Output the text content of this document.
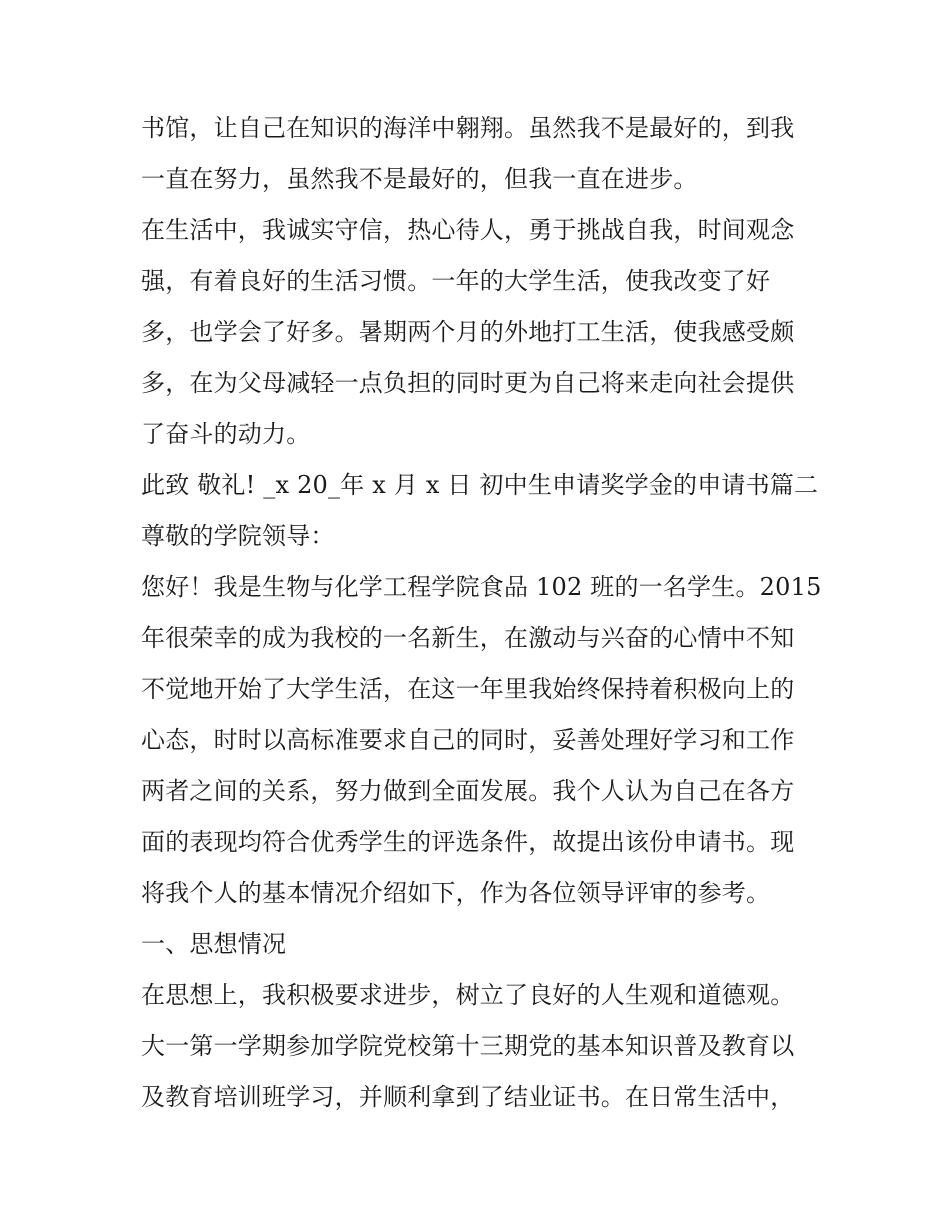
书馆，让自己在知识的海洋中翱翔。虽然我不是最好的，到我
一直在努力，虽然我不是最好的，但我一直在进步。
在生活中，我诚实守信，热心待人，勇于挑战自我，时间观念
强，有着良好的生活习惯。一年的大学生活，使我改变了好
多，也学会了好多。暑期两个月的外地打工生活，使我感受颇
多，在为父母减轻一点负担的同时更为自己将来走向社会提供
了奋斗的动力。
此致 敬礼! _x 20_年 x 月 x 日 初中生申请奖学金的申请书篇二
尊敬的学院领导：
您好！我是生物与化学工程学院食品 102 班的一名学生。2015
年很荣幸的成为我校的一名新生，在激动与兴奋的心情中不知
不觉地开始了大学生活，在这一年里我始终保持着积极向上的
心态，时时以高标准要求自己的同时，妥善处理好学习和工作
两者之间的关系，努力做到全面发展。我个人认为自己在各方
面的表现均符合优秀学生的评选条件，故提出该份申请书。现
将我个人的基本情况介绍如下，作为各位领导评审的参考。
一、思想情况
在思想上，我积极要求进步，树立了良好的人生观和道德观。
大一第一学期参加学院党校第十三期党的基本知识普及教育以
及教育培训班学习，并顺利拿到了结业证书。在日常生活中，
